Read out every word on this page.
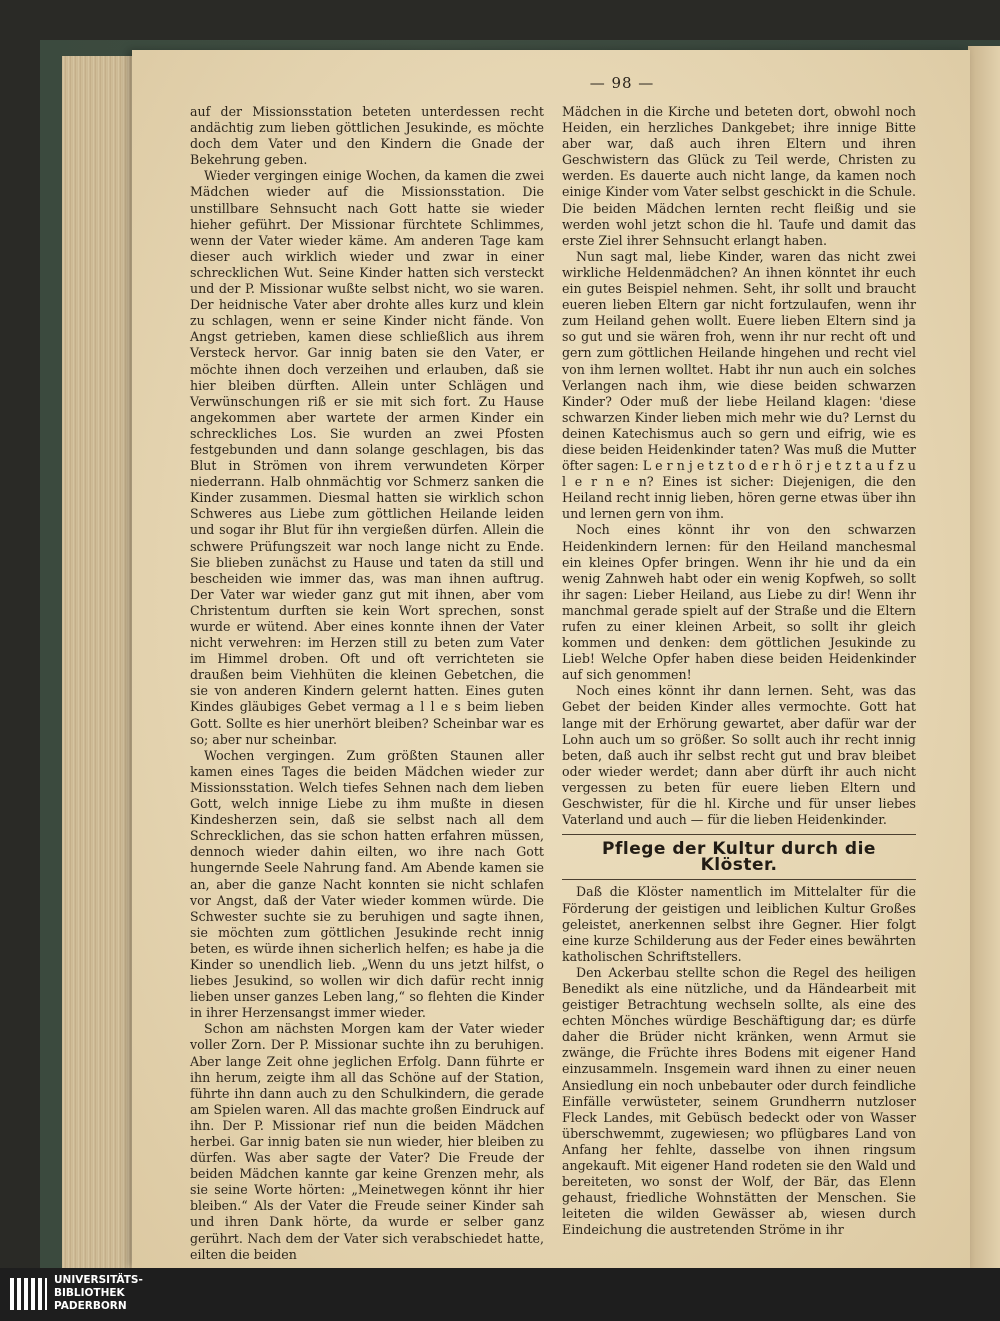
— 98 —

auf der Missionsstation beteten unterdessen recht andächtig zum lieben göttlichen Jesukinde, es möchte doch dem Vater und den Kindern die Gnade der Bekehrung geben.

Wieder vergingen einige Wochen, da kamen die zwei Mädchen wieder auf die Missionsstation. Die unstillbare Sehnsucht nach Gott hatte sie wieder hieher geführt. Der Missionar fürchtete Schlimmes, wenn der Vater wieder käme. Am anderen Tage kam dieser auch wirklich wieder und zwar in einer schrecklichen Wut. Seine Kinder hatten sich versteckt und der P. Missionar wußte selbst nicht, wo sie waren. Der heidnische Vater aber drohte alles kurz und klein zu schlagen, wenn er seine Kinder nicht fände. Von Angst getrieben, kamen diese schließlich aus ihrem Versteck hervor. Gar innig baten sie den Vater, er möchte ihnen doch verzeihen und erlauben, daß sie hier bleiben dürften. Allein unter Schlägen und Verwünschungen riß er sie mit sich fort. Zu Hause angekommen aber wartete der armen Kinder ein schreckliches Los. Sie wurden an zwei Pfosten festgebunden und dann solange geschlagen, bis das Blut in Strömen von ihrem verwundeten Körper niederrann. Halb ohnmächtig vor Schmerz sanken die Kinder zusammen. Diesmal hatten sie wirklich schon Schweres aus Liebe zum göttlichen Heilande leiden und sogar ihr Blut für ihn vergießen dürfen. Allein die schwere Prüfungszeit war noch lange nicht zu Ende. Sie blieben zunächst zu Hause und taten da still und bescheiden wie immer das, was man ihnen auftrug. Der Vater war wieder ganz gut mit ihnen, aber vom Christentum durften sie kein Wort sprechen, sonst wurde er wütend. Aber eines konnte ihnen der Vater nicht verwehren: im Herzen still zu beten zum Vater im Himmel droben. Oft und oft verrichteten sie draußen beim Viehhüten die kleinen Gebetchen, die sie von anderen Kindern gelernt hatten. Eines guten Kindes gläubiges Gebet vermag a l l e s beim lieben Gott. Sollte es hier unerhört bleiben? Scheinbar war es so; aber nur scheinbar.

Wochen vergingen. Zum größten Staunen aller kamen eines Tages die beiden Mädchen wieder zur Missionsstation. Welch tiefes Sehnen nach dem lieben Gott, welch innige Liebe zu ihm mußte in diesen Kindesherzen sein, daß sie selbst nach all dem Schrecklichen, das sie schon hatten erfahren müssen, dennoch wieder dahin eilten, wo ihre nach Gott hungernde Seele Nahrung fand. Am Abende kamen sie an, aber die ganze Nacht konnten sie nicht schlafen vor Angst, daß der Vater wieder kommen würde. Die Schwester suchte sie zu beruhigen und sagte ihnen, sie möchten zum göttlichen Jesukinde recht innig beten, es würde ihnen sicherlich helfen; es habe ja die Kinder so unendlich lieb. „Wenn du uns jetzt hilfst, o liebes Jesukind, so wollen wir dich dafür recht innig lieben unser ganzes Leben lang,“ so flehten die Kinder in ihrer Herzensangst immer wieder.

Schon am nächsten Morgen kam der Vater wieder voller Zorn. Der P. Missionar suchte ihn zu beruhigen. Aber lange Zeit ohne jeglichen Erfolg. Dann führte er ihn herum, zeigte ihm all das Schöne auf der Station, führte ihn dann auch zu den Schulkindern, die gerade am Spielen waren. All das machte großen Eindruck auf ihn. Der P. Missionar rief nun die beiden Mädchen herbei. Gar innig baten sie nun wieder, hier bleiben zu dürfen. Was aber sagte der Vater? Die Freude der beiden Mädchen kannte gar keine Grenzen mehr, als sie seine Worte hörten: „Meinetwegen könnt ihr hier bleiben.“ Als der Vater die Freude seiner Kinder sah und ihren Dank hörte, da wurde er selber ganz gerührt. Nach dem der Vater sich verabschiedet hatte, eilten die beiden

Mädchen in die Kirche und beteten dort, obwohl noch Heiden, ein herzliches Dankgebet; ihre innige Bitte aber war, daß auch ihren Eltern und ihren Geschwistern das Glück zu Teil werde, Christen zu werden. Es dauerte auch nicht lange, da kamen noch einige Kinder vom Vater selbst geschickt in die Schule. Die beiden Mädchen lernten recht fleißig und sie werden wohl jetzt schon die hl. Taufe und damit das erste Ziel ihrer Sehnsucht erlangt haben.

Nun sagt mal, liebe Kinder, waren das nicht zwei wirkliche Heldenmädchen? An ihnen könntet ihr euch ein gutes Beispiel nehmen. Seht, ihr sollt und braucht eueren lieben Eltern gar nicht fortzulaufen, wenn ihr zum Heiland gehen wollt. Euere lieben Eltern sind ja so gut und sie wären froh, wenn ihr nur recht oft und gern zum göttlichen Heilande hingehen und recht viel von ihm lernen wolltet. Habt ihr nun auch ein solches Verlangen nach ihm, wie diese beiden schwarzen Kinder? Oder muß der liebe Heiland klagen: 'diese schwarzen Kinder lieben mich mehr wie du? Lernst du deinen Katechismus auch so gern und eifrig, wie es diese beiden Heidenkinder taten? Was muß die Mutter öfter sagen: L e r n j e t z t o d e r h ö r j e t z t a u f z u l e r n e n? Eines ist sicher: Diejenigen, die den Heiland recht innig lieben, hören gerne etwas über ihn und lernen gern von ihm.

Noch eines könnt ihr von den schwarzen Heidenkindern lernen: für den Heiland manchesmal ein kleines Opfer bringen. Wenn ihr hie und da ein wenig Zahnweh habt oder ein wenig Kopfweh, so sollt ihr sagen: Lieber Heiland, aus Liebe zu dir! Wenn ihr manchmal gerade spielt auf der Straße und die Eltern rufen zu einer kleinen Arbeit, so sollt ihr gleich kommen und denken: dem göttlichen Jesukinde zu Lieb! Welche Opfer haben diese beiden Heidenkinder auf sich genommen!

Noch eines könnt ihr dann lernen. Seht, was das Gebet der beiden Kinder alles vermochte. Gott hat lange mit der Erhörung gewartet, aber dafür war der Lohn auch um so größer. So sollt auch ihr recht innig beten, daß auch ihr selbst recht gut und brav bleibet oder wieder werdet; dann aber dürft ihr auch nicht vergessen zu beten für euere lieben Eltern und Geschwister, für die hl. Kirche und für unser liebes Vaterland und auch — für die lieben Heidenkinder.

Pflege der Kultur durch die Klöster.

Daß die Klöster namentlich im Mittelalter für die Förderung der geistigen und leiblichen Kultur Großes geleistet, anerkennen selbst ihre Gegner. Hier folgt eine kurze Schilderung aus der Feder eines bewährten katholischen Schriftstellers.

Den Ackerbau stellte schon die Regel des heiligen Benedikt als eine nützliche, und da Händearbeit mit geistiger Betrachtung wechseln sollte, als eine des echten Mönches würdige Beschäftigung dar; es dürfe daher die Brüder nicht kränken, wenn Armut sie zwänge, die Früchte ihres Bodens mit eigener Hand einzusammeln. Insgemein ward ihnen zu einer neuen Ansiedlung ein noch unbebauter oder durch feindliche Einfälle verwüsteter, seinem Grundherrn nutzloser Fleck Landes, mit Gebüsch bedeckt oder von Wasser überschwemmt, zugewiesen; wo pflügbares Land von Anfang her fehlte, dasselbe von ihnen ringsum angekauft. Mit eigener Hand rodeten sie den Wald und bereiteten, wo sonst der Wolf, der Bär, das Elenn gehaust, friedliche Wohnstätten der Menschen. Sie leiteten die wilden Gewässer ab, wiesen durch Eindeichung die austretenden Ströme in ihr

UNIVERSITÄTS-
BIBLIOTHEK
PADERBORN
